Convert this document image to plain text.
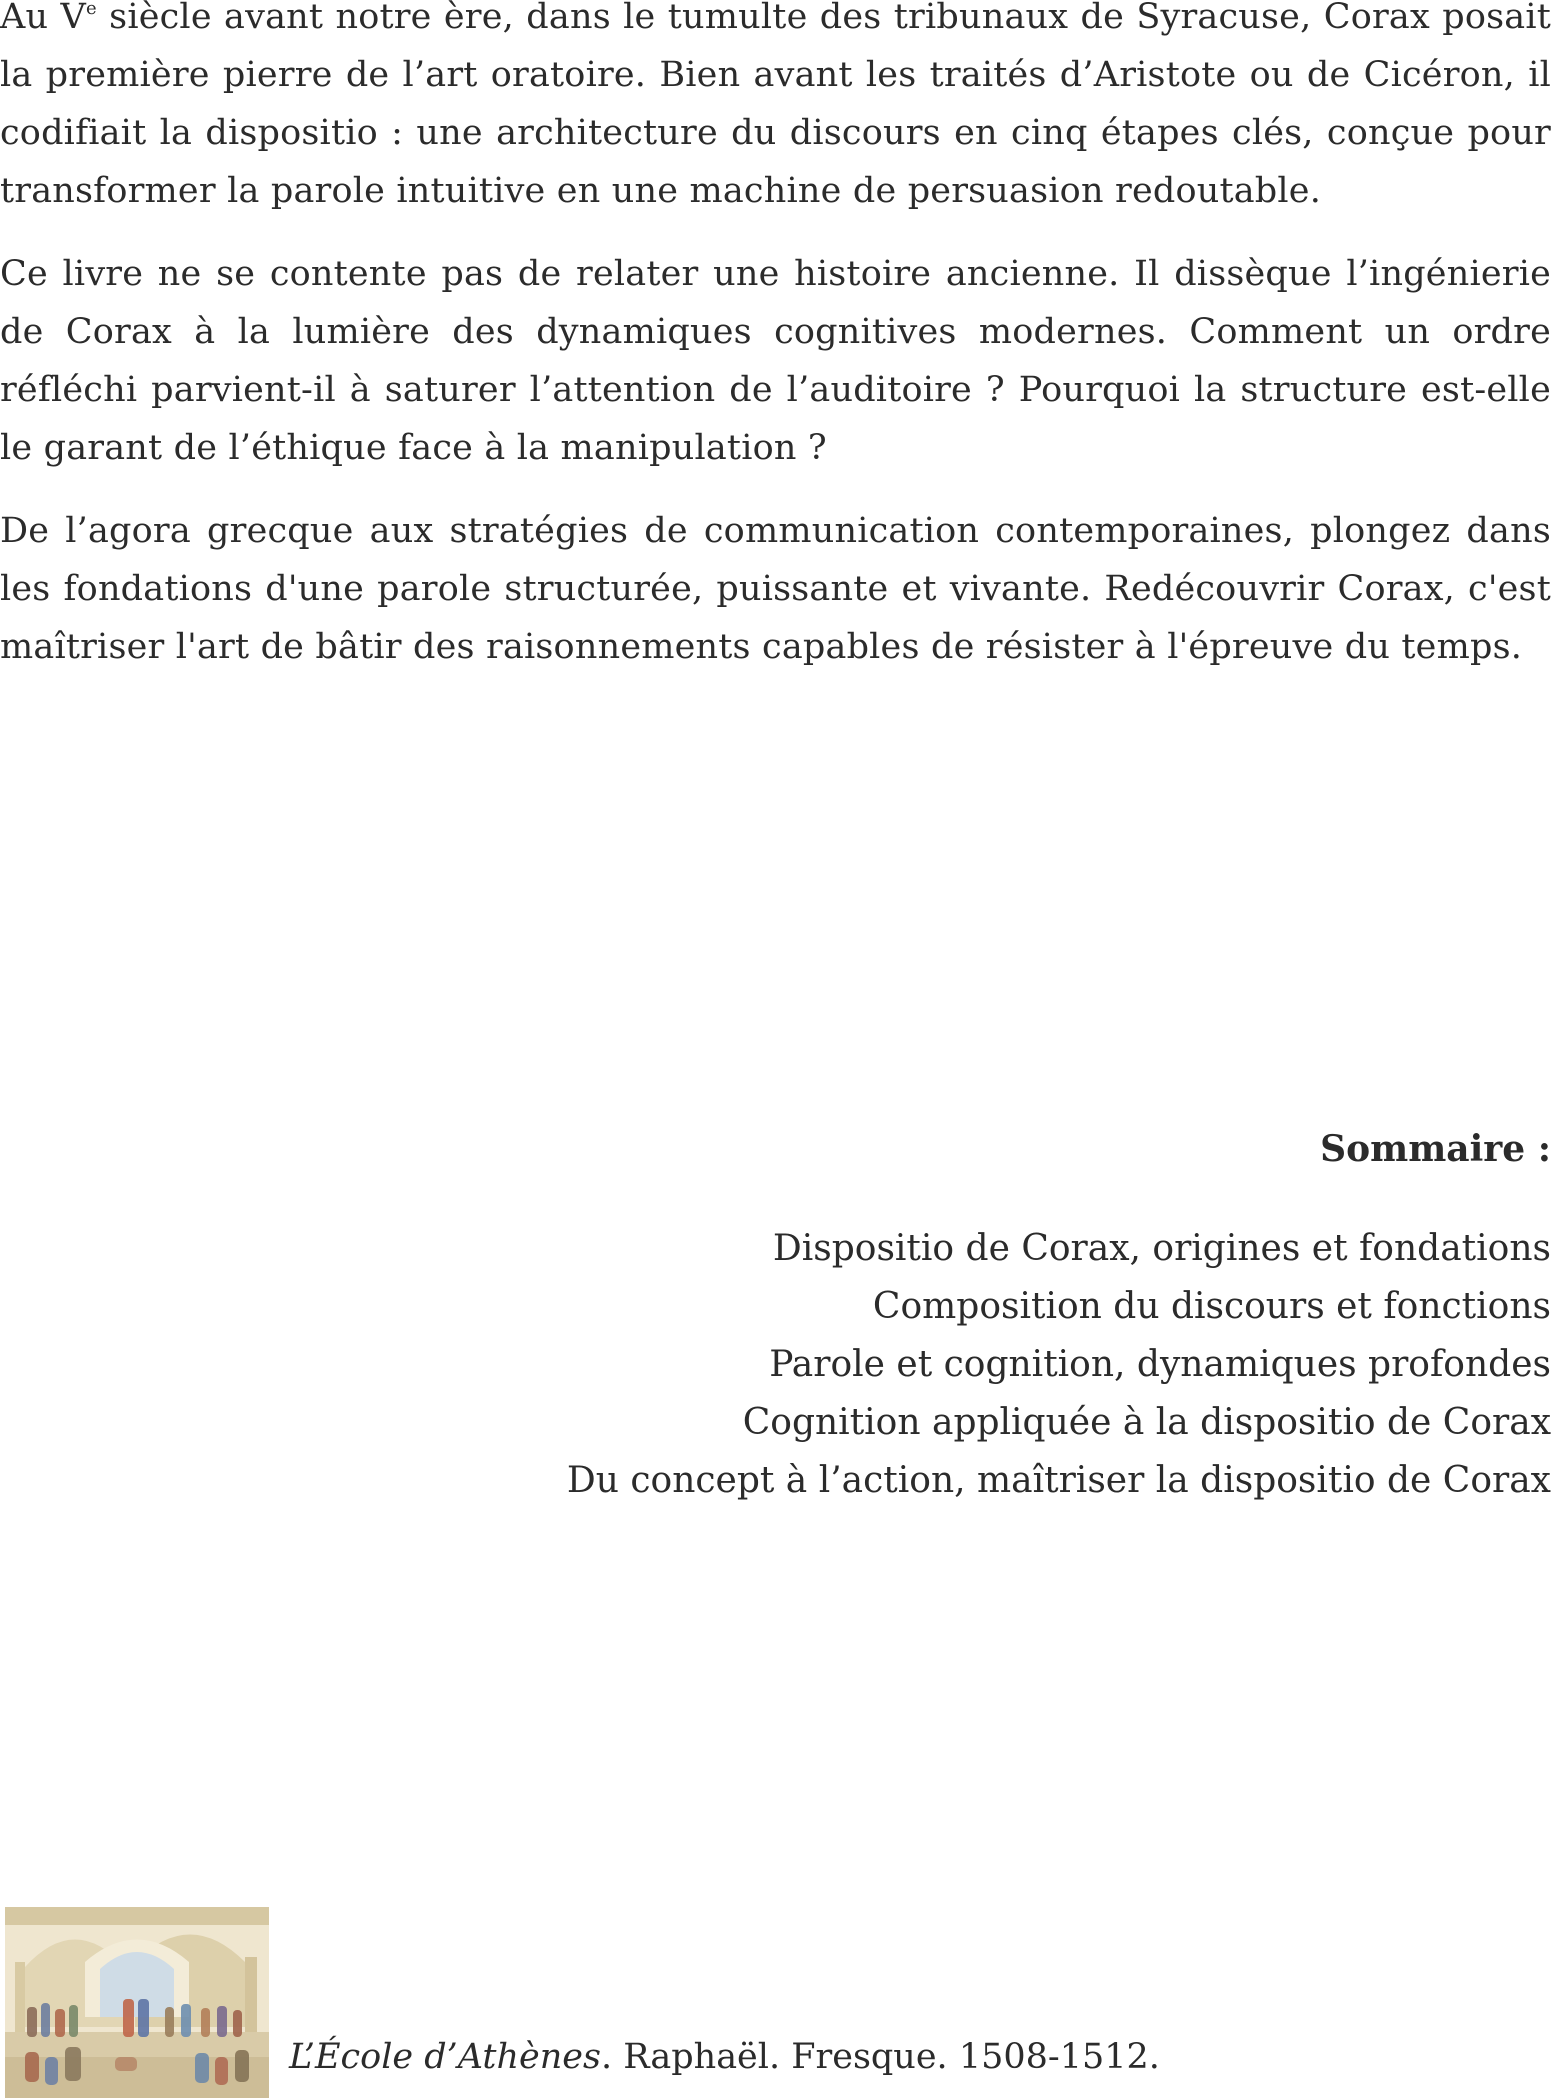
Au Ve siècle avant notre ère, dans le tumulte des tribunaux de Syracuse, Corax posait la première pierre de l’art oratoire. Bien avant les traités d’Aristote ou de Cicéron, il codifiait la dispositio : une architecture du discours en cinq étapes clés, conçue pour transformer la parole intuitive en une machine de persuasion redoutable.

Ce livre ne se contente pas de relater une histoire ancienne. Il dissèque l’ingénierie de Corax à la lumière des dynamiques cognitives modernes. Comment un ordre réfléchi parvient-il à saturer l’attention de l’auditoire ? Pourquoi la structure est-elle le garant de l’éthique face à la manipulation ?

De l’agora grecque aux stratégies de communication contemporaines, plongez dans les fondations d'une parole structurée, puissante et vivante. Redécouvrir Corax, c'est maîtriser l'art de bâtir des raisonnements capables de résister à l'épreuve du temps.

Sommaire :
Dispositio de Corax, origines et fondations
Composition du discours et fonctions
Parole et cognition, dynamiques profondes
Cognition appliquée à la dispositio de Corax
Du concept à l’action, maîtriser la dispositio de Corax
L’École d’Athènes. Raphaël. Fresque. 1508-1512.
